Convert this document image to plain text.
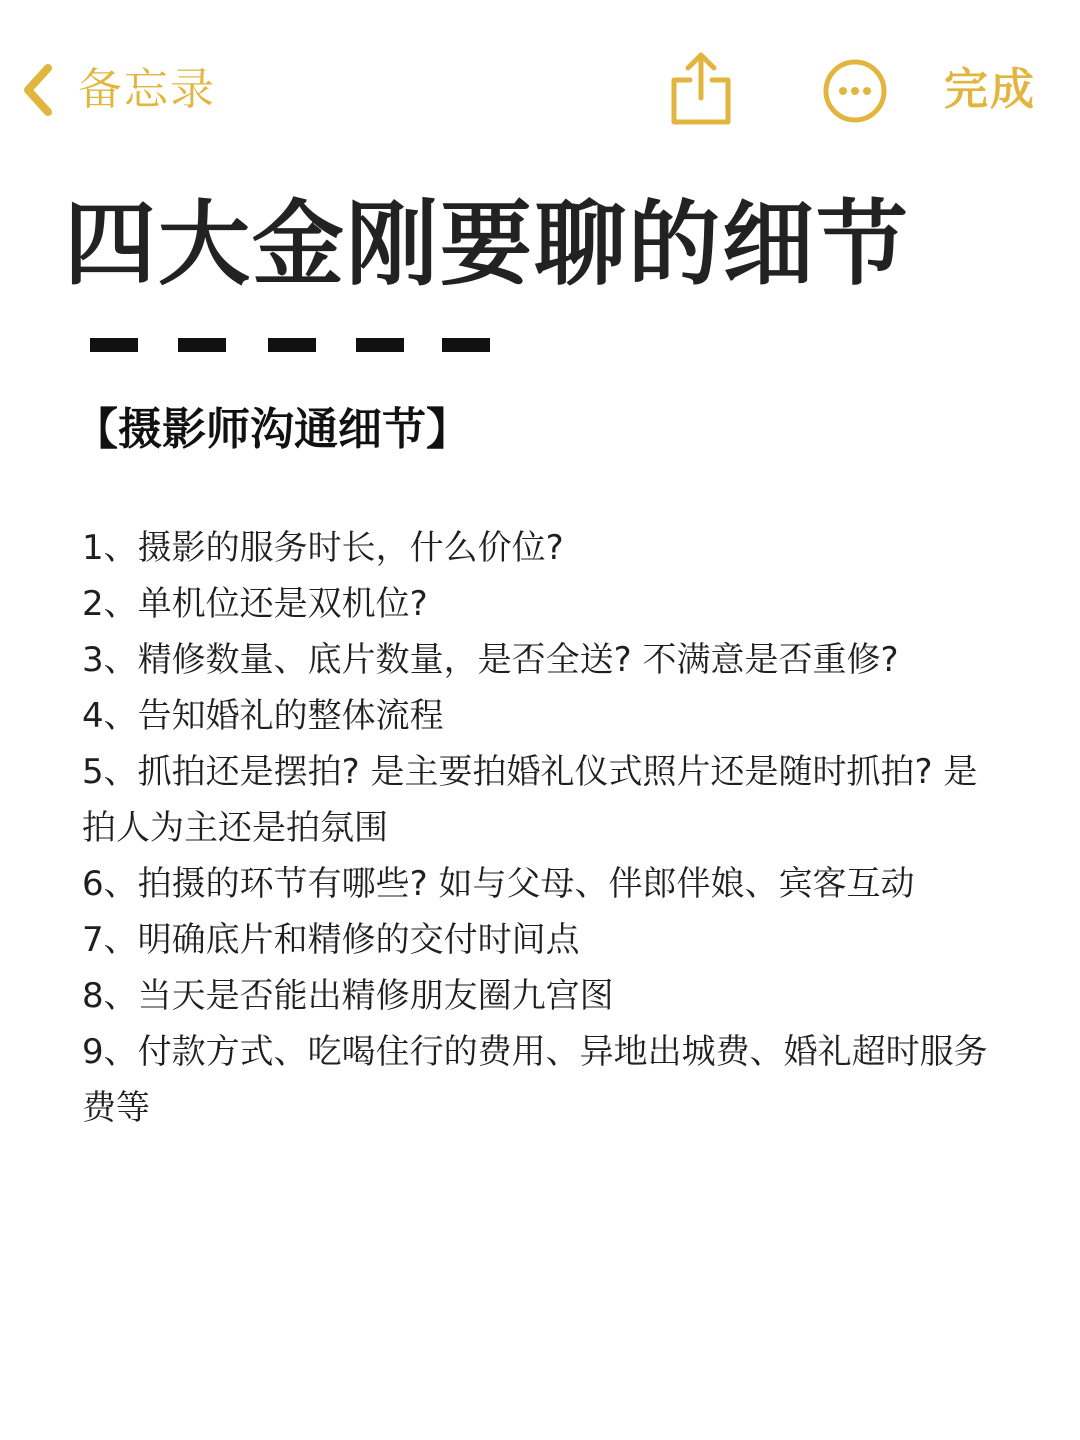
备忘录	完成
四大金刚要聊的细节
【摄影师沟通细节】
1、摄影的服务时长，什么价位?
2、单机位还是双机位?
3、精修数量、底片数量，是否全送? 不满意是否重修?
4、告知婚礼的整体流程
5、抓拍还是摆拍? 是主要拍婚礼仪式照片还是随时抓拍? 是拍人为主还是拍氛围
6、拍摄的环节有哪些? 如与父母、伴郎伴娘、宾客互动
7、明确底片和精修的交付时间点
8、当天是否能出精修朋友圈九宫图
9、付款方式、吃喝住行的费用、异地出城费、婚礼超时服务费等
